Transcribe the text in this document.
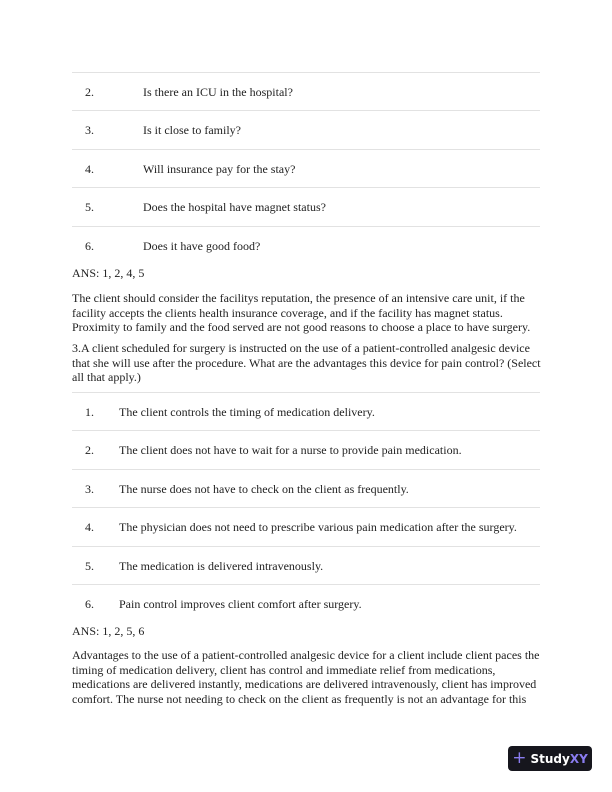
2.	Is there an ICU in the hospital?
3.	Is it close to family?
4.	Will insurance pay for the stay?
5.	Does the hospital have magnet status?
6.	Does it have good food?

ANS: 1, 2, 4, 5

The client should consider the facilitys reputation, the presence of an intensive care unit, if the facility accepts the clients health insurance coverage, and if the facility has magnet status. Proximity to family and the food served are not good reasons to choose a place to have surgery.

3.A client scheduled for surgery is instructed on the use of a patient-controlled analgesic device that she will use after the procedure. What are the advantages this device for pain control? (Select all that apply.)

1. The client controls the timing of medication delivery.
2. The client does not have to wait for a nurse to provide pain medication.
3. The nurse does not have to check on the client as frequently.
4. The physician does not need to prescribe various pain medication after the surgery.
5. The medication is delivered intravenously.
6. Pain control improves client comfort after surgery.

ANS: 1, 2, 5, 6

Advantages to the use of a patient-controlled analgesic device for a client include client paces the timing of medication delivery, client has control and immediate relief from medications, medications are delivered instantly, medications are delivered intravenously, client has improved comfort. The nurse not needing to check on the client as frequently is not an advantage for this

+ StudyXY
